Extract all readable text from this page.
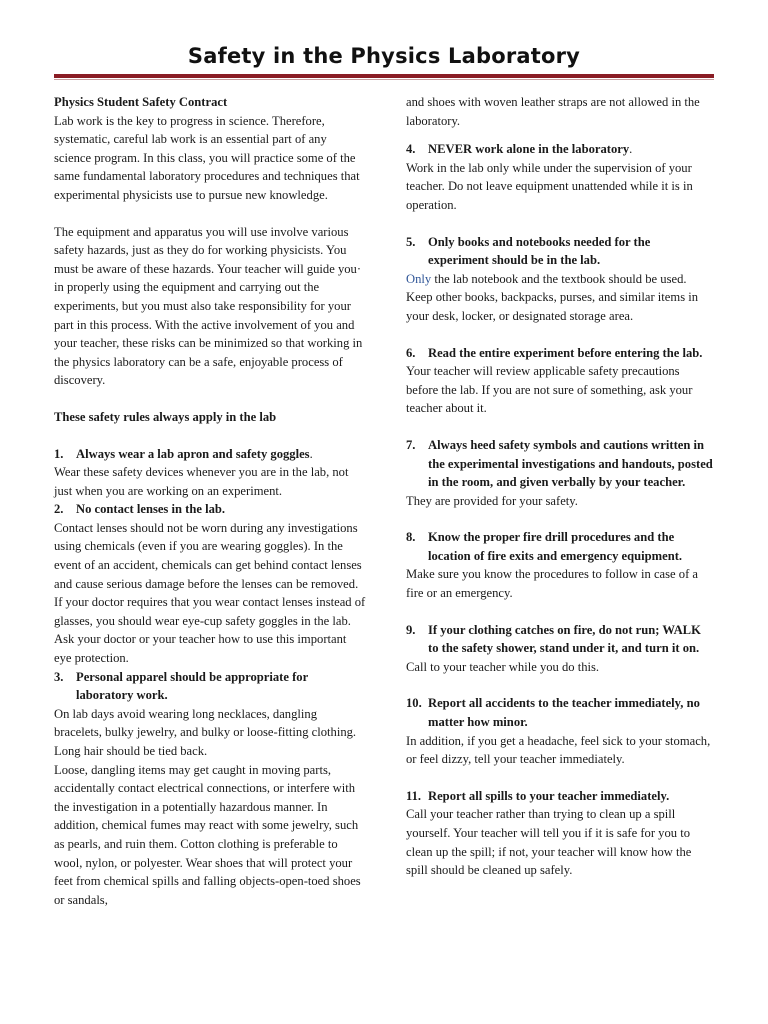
Safety in the Physics Laboratory

Physics Student Safety Contract

Lab work is the key to progress in science. Therefore, systematic, careful lab work is an essential part of any science program. In this class, you will practice some of the same fundamental laboratory procedures and techniques that experimental physicists use to pursue new knowledge.

The equipment and apparatus you will use involve various safety hazards, just as they do for working physicists. You must be aware of these hazards. Your teacher will guide you· in properly using the equipment and carrying out the experiments, but you must also take responsibility for your part in this process. With the active involvement of you and your teacher, these risks can be minimized so that working in the physics laboratory can be a safe, enjoyable process of discovery.

These safety rules always apply in the lab

1. Always wear a lab apron and safety goggles.

Wear these safety devices whenever you are in the lab, not just when you are working on an experiment.

2. No contact lenses in the lab.

Contact lenses should not be worn during any investigations using chemicals (even if you are wearing goggles). In the event of an accident, chemicals can get behind contact lenses and cause serious damage before the lenses can be removed. If your doctor requires that you wear contact lenses instead of glasses, you should wear eye-cup safety goggles in the lab. Ask your doctor or your teacher how to use this important eye protection.

3. Personal apparel should be appropriate for laboratory work.

On lab days avoid wearing long necklaces, dangling bracelets, bulky jewelry, and bulky or loose-fitting clothing. Long hair should be tied back.

Loose, dangling items may get caught in moving parts, accidentally contact electrical connections, or interfere with the investigation in a potentially hazardous manner. In addition, chemical fumes may react with some jewelry, such as pearls, and ruin them. Cotton clothing is preferable to wool, nylon, or polyester. Wear shoes that will protect your feet from chemical spills and falling objects-open-toed shoes or sandals,

and shoes with woven leather straps are not allowed in the laboratory.

4. NEVER work alone in the laboratory.

Work in the lab only while under the supervision of your teacher. Do not leave equipment unattended while it is in operation.

5. Only books and notebooks needed for the experiment should be in the lab.

Only the lab notebook and the textbook should be used. Keep other books, backpacks, purses, and similar items in your desk, locker, or designated storage area.

6. Read the entire experiment before entering the lab.

Your teacher will review applicable safety precautions before the lab. If you are not sure of something, ask your teacher about it.

7. Always heed safety symbols and cautions written in the experimental investigations and handouts, posted in the room, and given verbally by your teacher.

They are provided for your safety.

8. Know the proper fire drill procedures and the location of fire exits and emergency equipment.

Make sure you know the procedures to follow in case of a fire or an emergency.

9. If your clothing catches on fire, do not run; WALK to the safety shower, stand under it, and turn it on.

Call to your teacher while you do this.

10. Report all accidents to the teacher immediately, no matter how minor.

In addition, if you get a headache, feel sick to your stomach, or feel dizzy, tell your teacher immediately.

11. Report all spills to your teacher immediately.

Call your teacher rather than trying to clean up a spill yourself. Your teacher will tell you if it is safe for you to clean up the spill; if not, your teacher will know how the spill should be cleaned up safely.
